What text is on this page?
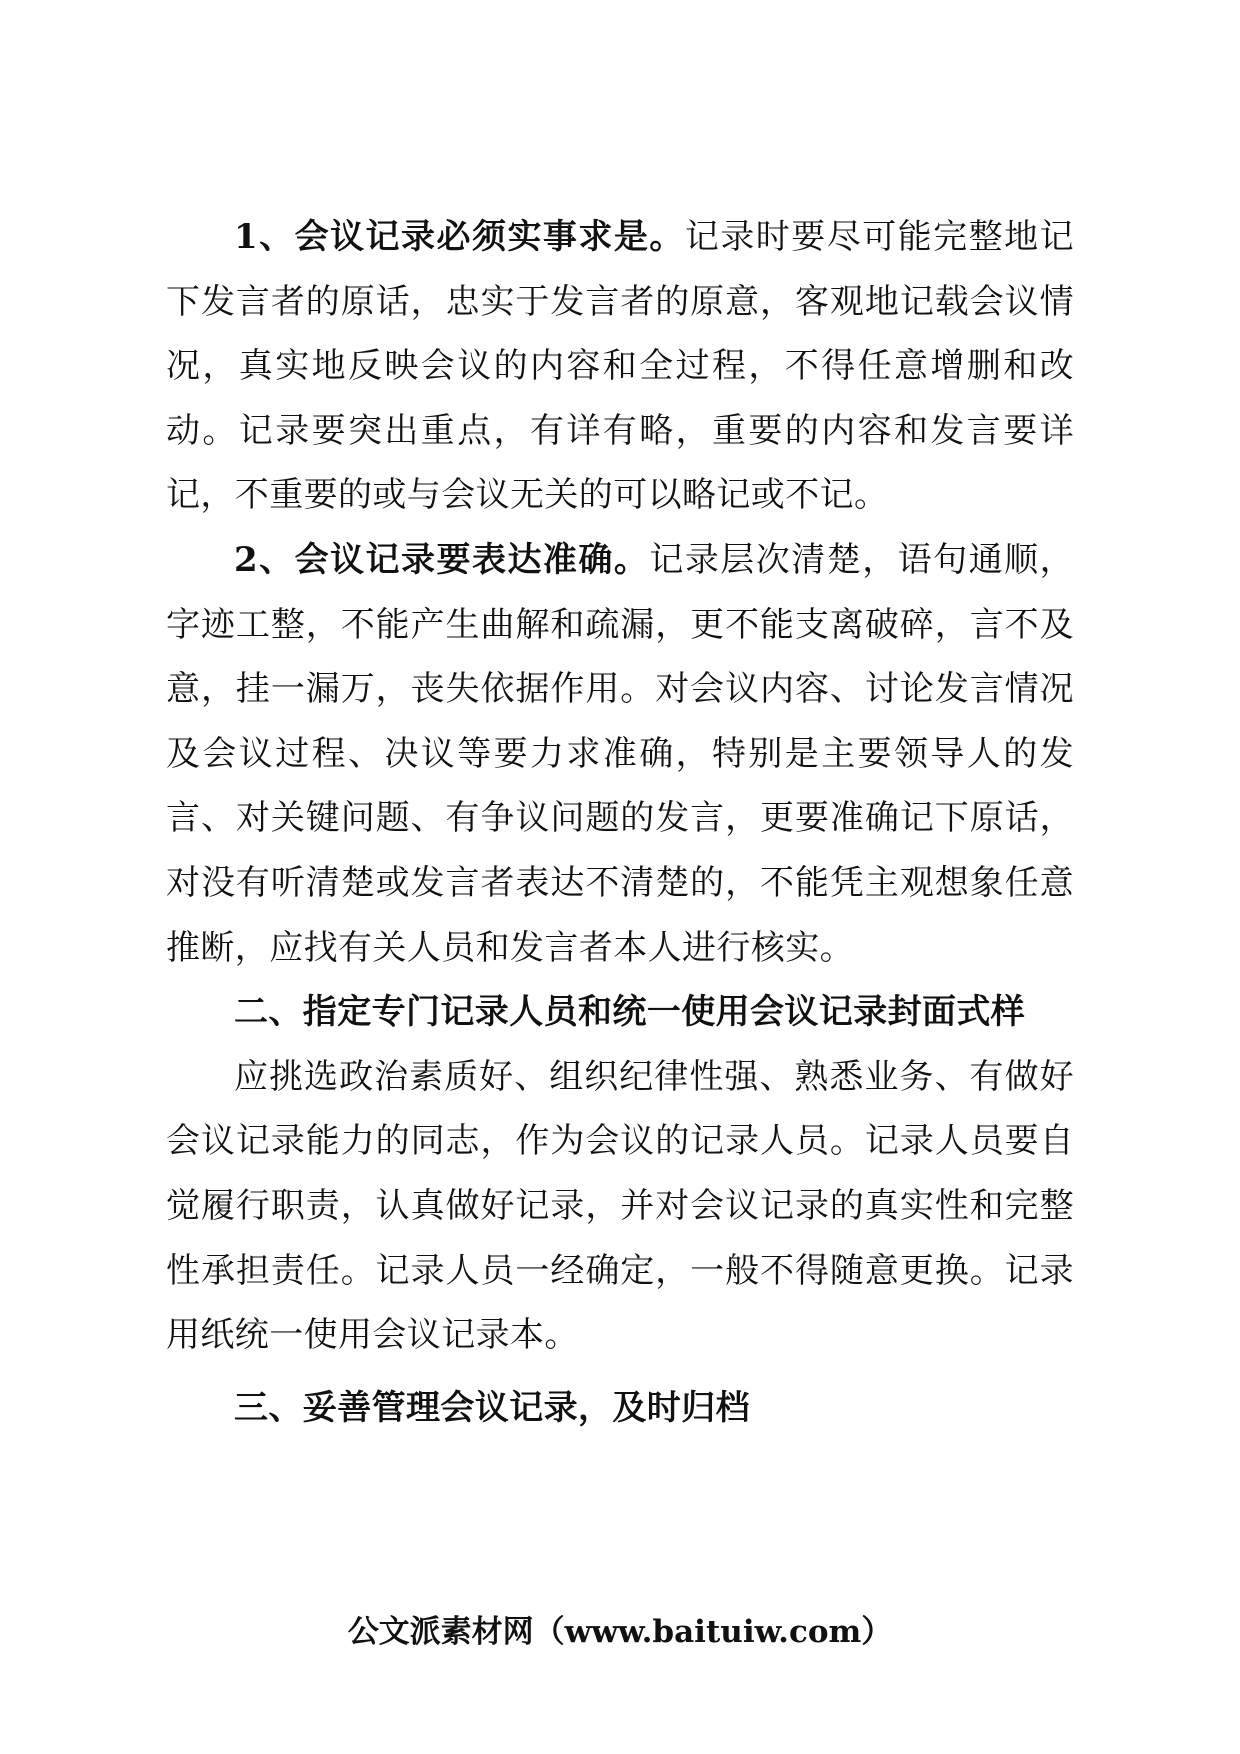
1、会议记录必须实事求是。记录时要尽可能完整地记下发言者的原话，忠实于发言者的原意，客观地记载会议情况，真实地反映会议的内容和全过程，不得任意增删和改动。记录要突出重点，有详有略，重要的内容和发言要详记，不重要的或与会议无关的可以略记或不记。

2、会议记录要表达准确。记录层次清楚，语句通顺，字迹工整，不能产生曲解和疏漏，更不能支离破碎，言不及意，挂一漏万，丧失依据作用。对会议内容、讨论发言情况及会议过程、决议等要力求准确，特别是主要领导人的发言、对关键问题、有争议问题的发言，更要准确记下原话，对没有听清楚或发言者表达不清楚的，不能凭主观想象任意推断，应找有关人员和发言者本人进行核实。

二、指定专门记录人员和统一使用会议记录封面式样

应挑选政治素质好、组织纪律性强、熟悉业务、有做好会议记录能力的同志，作为会议的记录人员。记录人员要自觉履行职责，认真做好记录，并对会议记录的真实性和完整性承担责任。记录人员一经确定，一般不得随意更换。记录用纸统一使用会议记录本。

三、妥善管理会议记录，及时归档

公文派素材网（www.baituiw.com）
